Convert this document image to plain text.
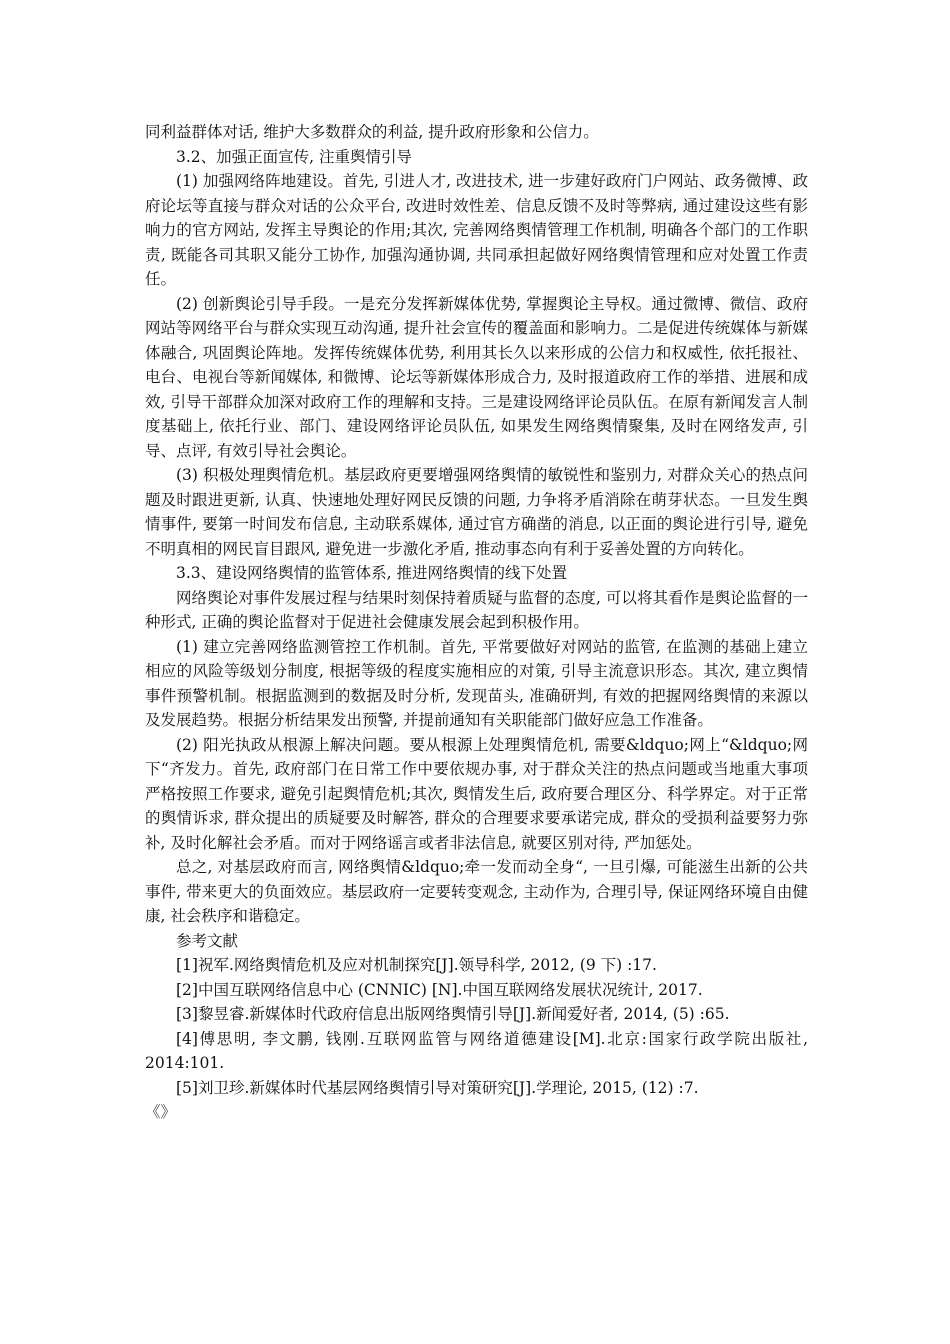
同利益群体对话, 维护大多数群众的利益, 提升政府形象和公信力。

3.2、加强正面宣传, 注重舆情引导

(1) 加强网络阵地建设。首先, 引进人才, 改进技术, 进一步建好政府门户网站、政务微博、政府论坛等直接与群众对话的公众平台, 改进时效性差、信息反馈不及时等弊病, 通过建设这些有影响力的官方网站, 发挥主导舆论的作用;其次, 完善网络舆情管理工作机制, 明确各个部门的工作职责, 既能各司其职又能分工协作, 加强沟通协调, 共同承担起做好网络舆情管理和应对处置工作责任。

(2) 创新舆论引导手段。一是充分发挥新媒体优势, 掌握舆论主导权。通过微博、微信、政府网站等网络平台与群众实现互动沟通, 提升社会宣传的覆盖面和影响力。二是促进传统媒体与新媒体融合, 巩固舆论阵地。发挥传统媒体优势, 利用其长久以来形成的公信力和权威性, 依托报社、电台、电视台等新闻媒体, 和微博、论坛等新媒体形成合力, 及时报道政府工作的举措、进展和成效, 引导干部群众加深对政府工作的理解和支持。三是建设网络评论员队伍。在原有新闻发言人制度基础上, 依托行业、部门、建设网络评论员队伍, 如果发生网络舆情聚集, 及时在网络发声, 引导、点评, 有效引导社会舆论。

(3) 积极处理舆情危机。基层政府更要增强网络舆情的敏锐性和鉴别力, 对群众关心的热点问题及时跟进更新, 认真、快速地处理好网民反馈的问题, 力争将矛盾消除在萌芽状态。一旦发生舆情事件, 要第一时间发布信息, 主动联系媒体, 通过官方确凿的消息, 以正面的舆论进行引导, 避免不明真相的网民盲目跟风, 避免进一步激化矛盾, 推动事态向有利于妥善处置的方向转化。

3.3、建设网络舆情的监管体系, 推进网络舆情的线下处置

网络舆论对事件发展过程与结果时刻保持着质疑与监督的态度, 可以将其看作是舆论监督的一种形式, 正确的舆论监督对于促进社会健康发展会起到积极作用。

(1) 建立完善网络监测管控工作机制。首先, 平常要做好对网站的监管, 在监测的基础上建立相应的风险等级划分制度, 根据等级的程度实施相应的对策, 引导主流意识形态。其次, 建立舆情事件预警机制。根据监测到的数据及时分析, 发现苗头, 准确研判, 有效的把握网络舆情的来源以及发展趋势。根据分析结果发出预警, 并提前通知有关职能部门做好应急工作准备。

(2) 阳光执政从根源上解决问题。要从根源上处理舆情危机, 需要&ldquo;网上“&ldquo;网下“齐发力。首先, 政府部门在日常工作中要依规办事, 对于群众关注的热点问题或当地重大事项严格按照工作要求, 避免引起舆情危机;其次, 舆情发生后, 政府要合理区分、科学界定。对于正常的舆情诉求, 群众提出的质疑要及时解答, 群众的合理要求要承诺完成, 群众的受损利益要努力弥补, 及时化解社会矛盾。而对于网络谣言或者非法信息, 就要区别对待, 严加惩处。

总之, 对基层政府而言, 网络舆情&ldquo;牵一发而动全身“, 一旦引爆, 可能滋生出新的公共事件, 带来更大的负面效应。基层政府一定要转变观念, 主动作为, 合理引导, 保证网络环境自由健康, 社会秩序和谐稳定。

参考文献

[1]祝军.网络舆情危机及应对机制探究[J].领导科学, 2012, (9 下) :17.

[2]中国互联网络信息中心 (CNNIC) [N].中国互联网络发展状况统计, 2017.

[3]黎昱睿.新媒体时代政府信息出版网络舆情引导[J].新闻爱好者, 2014, (5) :65.

[4]傅思明, 李文鹏, 钱刚.互联网监管与网络道德建设[M].北京:国家行政学院出版社, 2014:101.

[5]刘卫珍.新媒体时代基层网络舆情引导对策研究[J].学理论, 2015, (12) :7.

《》
